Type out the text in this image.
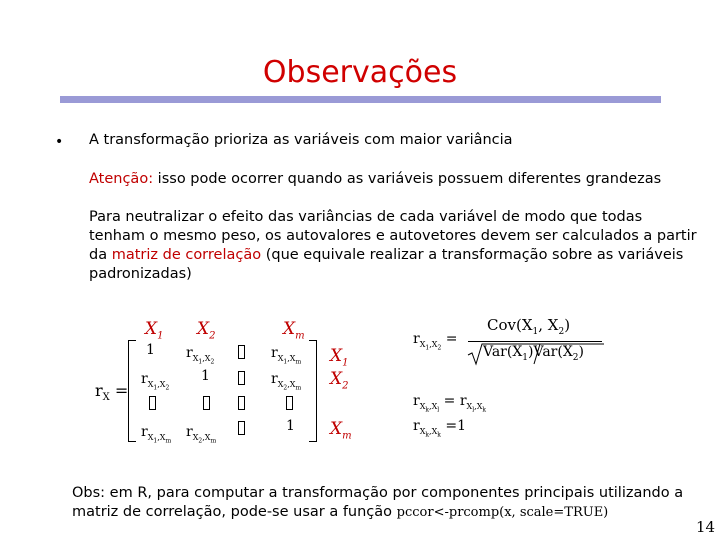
Observações
• A transformação prioriza as variáveis com maior variância
Atenção: isso pode ocorrer quando as variáveis possuem diferentes grandezas
Para neutralizar o efeito das variâncias de cada variável de modo que todas tenham o mesmo peso, os autovalores e autovetores devem ser calculados a partir da matriz de correlação (que equivale realizar a transformação sobre as variáveis padronizadas)
$X_1$ $X_2$	$X_m$
$r_X$ =
1 $r_{X_1,X_2}$
$r_{X_1,X_m}$
$r_{X_1,X_2}$
1	$r_{X_2,X_m}$
$r_{X_1,X_m}$
$r_{X_2,X_m}$
1
$X_1$
$X_2$
$X_m$
$r_{X_1,X_2}$ =
$Cov(X_1$, $X_2$)
$Var(X_1)Var(X_2)$
$r_{X_k,X_l} = r_{X_l,X_k}$
$r_{X_k,X_k} =1$
Obs: em R, para computar a transformação por componentes principais utilizando a matriz de correlação, pode-se usar a função pccor<-prcomp(x, scale=TRUE)
14
